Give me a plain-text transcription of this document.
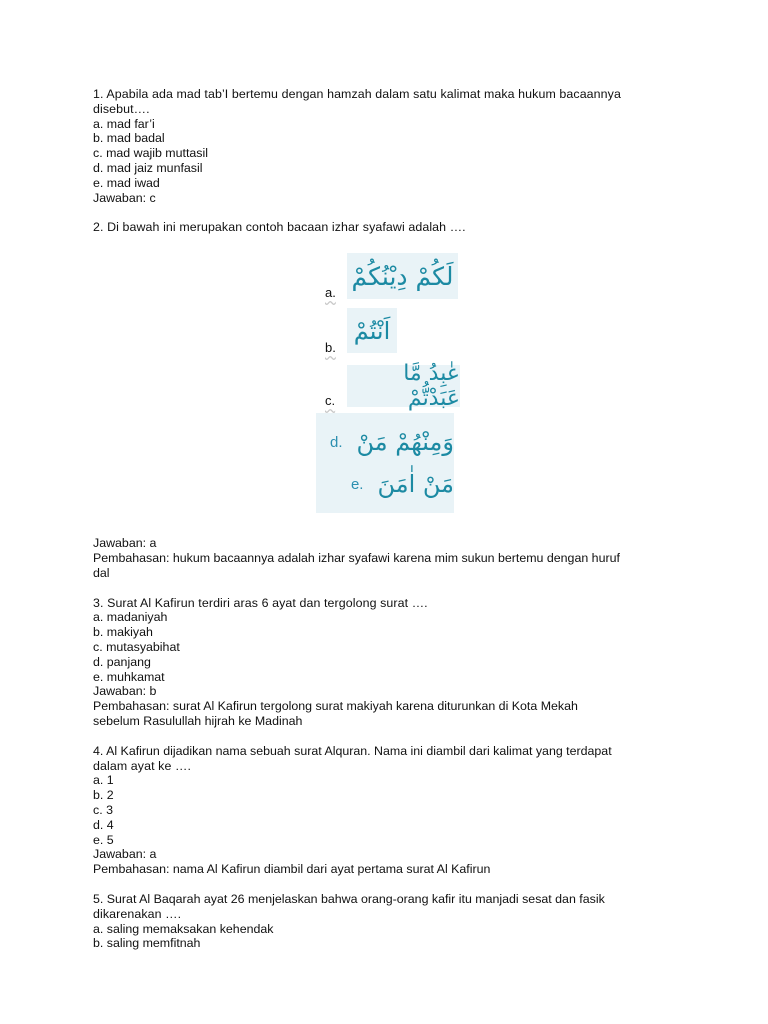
1. Apabila ada mad tab’I bertemu dengan hamzah dalam satu kalimat maka hukum bacaannya
disebut….
a. mad far’i
b. mad badal
c. mad wajib muttasil
d. mad jaiz munfasil
e. mad iwad
Jawaban: c
2. Di bawah ini merupakan contoh bacaan izhar syafawi adalah ….
a.
لَكُمْ دِيْنُكُمْ
b.
اَنْتُمْ
c.
عٰبِدُ مَّا عَبَدْتُّمْ
d. وَمِنْهُمْ مَنْ
e. مَنْ اٰمَنَ
Jawaban: a
Pembahasan: hukum bacaannya adalah izhar syafawi karena mim sukun bertemu dengan huruf
dal
3. Surat Al Kafirun terdiri aras 6 ayat dan tergolong surat ….
a. madaniyah
b. makiyah
c. mutasyabihat
d. panjang
e. muhkamat
Jawaban: b
Pembahasan: surat Al Kafirun tergolong surat makiyah karena diturunkan di Kota Mekah
sebelum Rasulullah hijrah ke Madinah
4. Al Kafirun dijadikan nama sebuah surat Alquran. Nama ini diambil dari kalimat yang terdapat
dalam ayat ke ….
a. 1
b. 2
c. 3
d. 4
e. 5
Jawaban: a
Pembahasan: nama Al Kafirun diambil dari ayat pertama surat Al Kafirun
5. Surat Al Baqarah ayat 26 menjelaskan bahwa orang-orang kafir itu manjadi sesat dan fasik
dikarenakan ….
a. saling memaksakan kehendak
b. saling memfitnah
